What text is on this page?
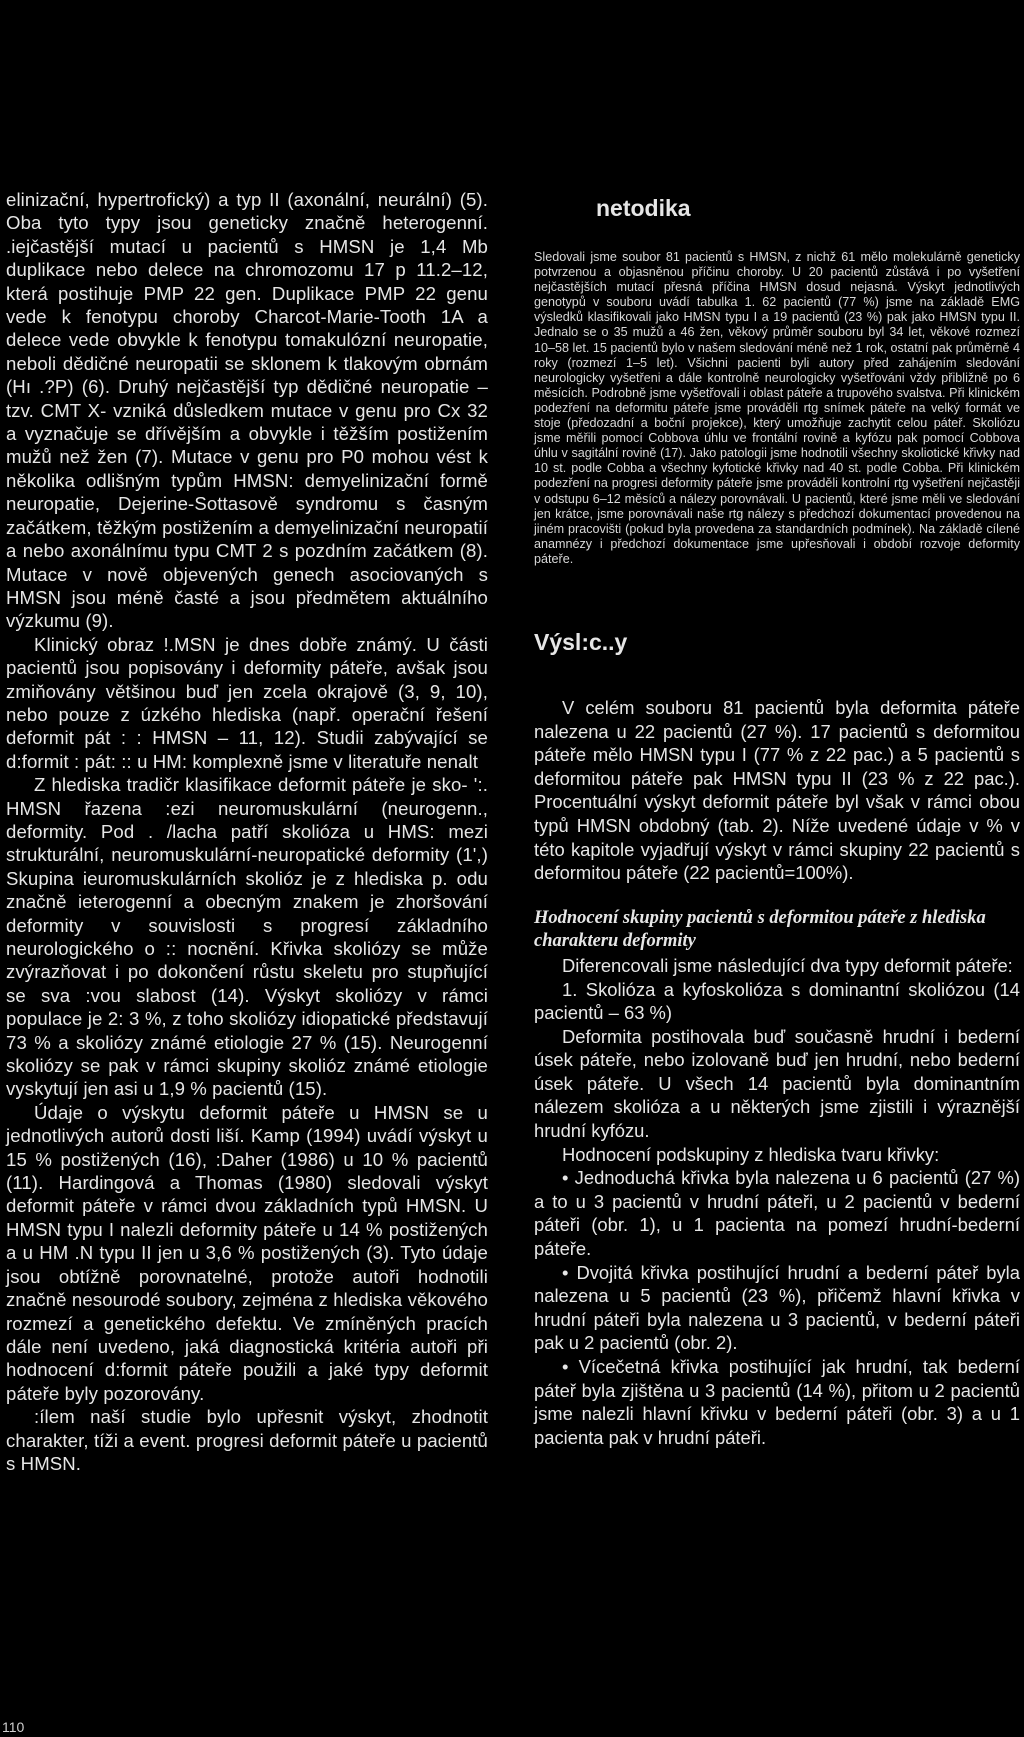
elinizační, hypertrofický) a typ II (axonální, neurální) (5). Oba tyto typy jsou geneticky značně heterogenní. .iejčastější mutací u pacientů s HMSN je 1,4 Mb duplikace nebo delece na chromozomu 17 p 11.2–12, která postihuje PMP 22 gen. Duplikace PMP 22 genu vede k fenotypu choroby Charcot-Marie-Tooth 1A a delece vede obvykle k fenotypu tomakulózní neuropatie, neboli dědičné neuropatii se sklonem k tlakovým obrnám (Hı .?P) (6). Druhý nejčastější typ dědičné neuropatie – tzv. CMT X- vzniká důsledkem mutace v genu pro Cx 32 a vyznačuje se dřívějším a obvykle i těžším postižením mužů než žen (7). Mutace v genu pro P0 mohou vést k několika odlišným typům HMSN: demyelinizační formě neuropatie, Dejerine-Sottasově syndromu s časným začátkem, těžkým postižením a demyelinizační neuropatií a nebo axonálnímu typu CMT 2 s pozdním začátkem (8). Mutace v nově objevených genech asociovaných s HMSN jsou méně časté a jsou předmětem aktuálního výzkumu (9).

Klinický obraz !.MSN je dnes dobře známý. U části pacientů jsou popisovány i deformity páteře, avšak jsou zmiňovány většinou buď jen zcela okrajově (3, 9, 10), nebo pouze z úzkého hlediska (např. operační řešení deformit pát : : HMSN – 11, 12). Studii zabývající se d:formit : pát: :: u HM: komplexně jsme v literatuře nenalt

Z hlediska tradičr klasifikace deformit páteře je sko- ':. HMSN řazena :ezi neuromuskulární (neurogenn., deformity. Pod . /lacha patří skolióza u HMS: mezi strukturální, neuromuskulární-neuropatické deformity (1',) Skupina ieuromuskulárních skolióz je z hlediska p. odu značně ieterogenní a obecným znakem je zhoršování deformity v souvislosti s progresí základního neurologického o :: nocnění. Křivka skoliózy se může zvýrazňovat i po dokončení růstu skeletu pro stupňující se sva :vou slabost (14). Výskyt skoliózy v rámci populace je 2: 3 %, z toho skoliózy idiopatické představují 73 % a skoliózy známé etiologie 27 % (15). Neurogenní skoliózy se pak v rámci skupiny skolióz známé etiologie vyskytují jen asi u 1,9 % pacientů (15).

Údaje o výskytu deformit páteře u HMSN se u jednotlivých autorů dosti liší. Kamp (1994) uvádí výskyt u 15 % postižených (16), :Daher (1986) u 10 % pacientů (11). Hardingová a Thomas (1980) sledovali výskyt deformit páteře v rámci dvou základních typů HMSN. U HMSN typu I nalezli deformity páteře u 14 % postižených a u HM .N typu II jen u 3,6 % postižených (3). Tyto údaje jsou obtížně porovnatelné, protože autoři hodnotili značně nesourodé soubory, zejména z hlediska věkového rozmezí a genetického defektu. Ve zmíněných pracích dále není uvedeno, jaká diagnostická kritéria autoři při hodnocení d:formit páteře použili a jaké typy deformit páteře byly pozorovány.

:ílem naší studie bylo upřesnit výskyt, zhodnotit charakter, tíži a event. progresi deformit páteře u pacientů s HMSN.

netodika

Sledovali jsme soubor 81 pacientů s HMSN, z nichž 61 mělo molekulárně geneticky potvrzenou a objasněnou příčinu choroby. U 20 pacientů zůstává i po vyšetření nejčastějších mutací přesná příčina HMSN dosud nejasná. Výskyt jednotlivých genotypů v souboru uvádí tabulka 1. 62 pacientů (77 %) jsme na základě EMG výsledků klasifikovali jako HMSN typu I a 19 pacientů (23 %) pak jako HMSN typu II. Jednalo se o 35 mužů a 46 žen, věkový průměr souboru byl 34 let, věkové rozmezí 10–58 let. 15 pacientů bylo v našem sledování méně než 1 rok, ostatní pak průměrně 4 roky (rozmezí 1–5 let). Všichni pacienti byli autory před zahájením sledování neurologicky vyšetřeni a dále kontrolně neurologicky vyšetřováni vždy přibližně po 6 měsících. Podrobně jsme vyšetřovali i oblast páteře a trupového svalstva. Při klinickém podezření na deformitu páteře jsme prováděli rtg snímek páteře na velký formát ve stoje (předozadní a boční projekce), který umožňuje zachytit celou páteř. Skoliózu jsme měřili pomocí Cobbova úhlu ve frontální rovině a kyfózu pak pomocí Cobbova úhlu v sagitální rovině (17). Jako patologii jsme hodnotili všechny skoliotické křivky nad 10 st. podle Cobba a všechny kyfotické křivky nad 40 st. podle Cobba. Při klinickém podezření na progresi deformity páteře jsme prováděli kontrolní rtg vyšetření nejčastěji v odstupu 6–12 měsíců a nálezy porovnávali. U pacientů, které jsme měli ve sledování jen krátce, jsme porovnávali naše rtg nálezy s předchozí dokumentací provedenou na jiném pracovišti (pokud byla provedena za standardních podmínek). Na základě cílené anamnézy i předchozí dokumentace jsme upřesňovali i období rozvoje deformity páteře.

Výsl:c..y

V celém souboru 81 pacientů byla deformita páteře nalezena u 22 pacientů (27 %). 17 pacientů s deformitou páteře mělo HMSN typu I (77 % z 22 pac.) a 5 pacientů s deformitou páteře pak HMSN typu II (23 % z 22 pac.). Procentuální výskyt deformit páteře byl však v rámci obou typů HMSN obdobný (tab. 2). Níže uvedené údaje v % v této kapitole vyjadřují výskyt v rámci skupiny 22 pacientů s deformitou páteře (22 pacientů=100%).

Hodnocení skupiny pacientů s deformitou páteře z hlediska charakteru deformity

Diferencovali jsme následující dva typy deformit páteře:

1. Skolióza a kyfoskolióza s dominantní skoliózou (14 pacientů – 63 %)

Deformita postihovala buď současně hrudní i bederní úsek páteře, nebo izolovaně buď jen hrudní, nebo bederní úsek páteře. U všech 14 pacientů byla dominantním nálezem skolióza a u některých jsme zjistili i výraznější hrudní kyfózu.

Hodnocení podskupiny z hlediska tvaru křivky:

• Jednoduchá křivka byla nalezena u 6 pacientů (27 %) a to u 3 pacientů v hrudní páteři, u 2 pacientů v bederní páteři (obr. 1), u 1 pacienta na pomezí hrudní-bederní páteře.

• Dvojitá křivka postihující hrudní a bederní páteř byla nalezena u 5 pacientů (23 %), přičemž hlavní křivka v hrudní páteři byla nalezena u 3 pacientů, v bederní páteři pak u 2 pacientů (obr. 2).

• Vícečetná křivka postihující jak hrudní, tak bederní páteř byla zjištěna u 3 pacientů (14 %), přitom u 2 pacientů jsme nalezli hlavní křivku v bederní páteři (obr. 3) a u 1 pacienta pak v hrudní páteři.

110
